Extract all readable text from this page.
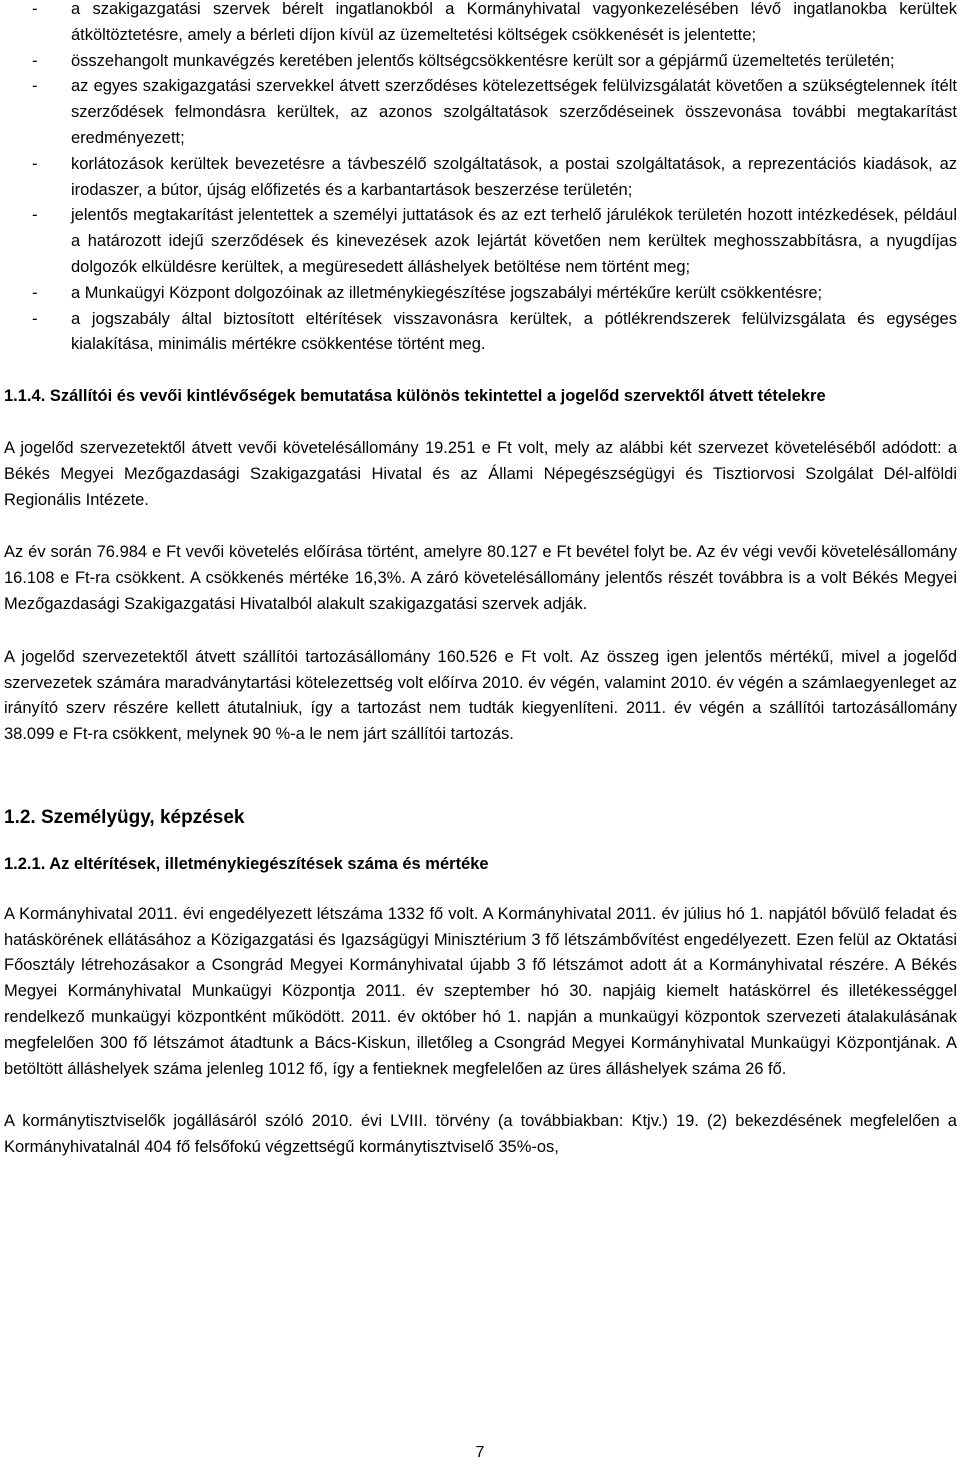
- a szakigazgatási szervek bérelt ingatlanokból a Kormányhivatal vagyonkezelésében lévő ingatlanokba kerültek átköltöztetésre, amely a bérleti díjon kívül az üzemeltetési költségek csökkenését is jelentette;
- összehangolt munkavégzés keretében jelentős költségcsökkentésre került sor a gépjármű üzemeltetés területén;
- az egyes szakigazgatási szervekkel átvett szerződéses kötelezettségek felülvizsgálatát követően a szükségtelennek ítélt szerződések felmondásra kerültek, az azonos szolgáltatások szerződéseinek összevonása további megtakarítást eredményezett;
- korlátozások kerültek bevezetésre a távbeszélő szolgáltatások, a postai szolgáltatások, a reprezentációs kiadások, az irodaszer, a bútor, újság előfizetés és a karbantartások beszerzése területén;
- jelentős megtakarítást jelentettek a személyi juttatások és az ezt terhelő járulékok területén hozott intézkedések, például a határozott idejű szerződések és kinevezések azok lejártát követően nem kerültek meghosszabbításra, a nyugdíjas dolgozók elküldésre kerültek, a megüresedett álláshelyek betöltése nem történt meg;
- a Munkaügyi Központ dolgozóinak az illetménykiegészítése jogszabályi mértékűre került csökkentésre;
- a jogszabály által biztosított eltérítések visszavonásra kerültek, a pótlékrendszerek felülvizsgálata és egységes kialakítása, minimális mértékre csökkentése történt meg.

1.1.4. Szállítói és vevői kintlévőségek bemutatása különös tekintettel a jogelőd szervektől átvett tételekre

A jogelőd szervezetektől átvett vevői követelésállomány 19.251 e Ft volt, mely az alábbi két szervezet követeléséből adódott: a Békés Megyei Mezőgazdasági Szakigazgatási Hivatal és az Állami Népegészségügyi és Tisztiorvosi Szolgálat Dél-alföldi Regionális Intézete.

Az év során 76.984 e Ft vevői követelés előírása történt, amelyre 80.127 e Ft bevétel folyt be. Az év végi vevői követelésállomány 16.108 e Ft-ra csökkent. A csökkenés mértéke 16,3%. A záró követelésállomány jelentős részét továbbra is a volt Békés Megyei Mezőgazdasági Szakigazgatási Hivatalból alakult szakigazgatási szervek adják.

A jogelőd szervezetektől átvett szállítói tartozásállomány 160.526 e Ft volt. Az összeg igen jelentős mértékű, mivel a jogelőd szervezetek számára maradványtartási kötelezettség volt előírva 2010. év végén, valamint 2010. év végén a számlaegyenleget az irányító szerv részére kellett átutalniuk, így a tartozást nem tudták kiegyenlíteni. 2011. év végén a szállítói tartozásállomány 38.099 e Ft-ra csökkent, melynek 90 %-a le nem járt szállítói tartozás.

1.2. Személyügy, képzések

1.2.1. Az eltérítések, illetménykiegészítések száma és mértéke

A Kormányhivatal 2011. évi engedélyezett létszáma 1332 fő volt. A Kormányhivatal 2011. év július hó 1. napjától bővülő feladat és hatáskörének ellátásához a Közigazgatási és Igazságügyi Minisztérium 3 fő létszámbővítést engedélyezett. Ezen felül az Oktatási Főosztály létrehozásakor a Csongrád Megyei Kormányhivatal újabb 3 fő létszámot adott át a Kormányhivatal részére. A Békés Megyei Kormányhivatal Munkaügyi Központja 2011. év szeptember hó 30. napjáig kiemelt hatáskörrel és illetékességgel rendelkező munkaügyi központként működött. 2011. év október hó 1. napján a munkaügyi központok szervezeti átalakulásának megfelelően 300 fő létszámot átadtunk a Bács-Kiskun, illetőleg a Csongrád Megyei Kormányhivatal Munkaügyi Központjának. A betöltött álláshelyek száma jelenleg 1012 fő, így a fentieknek megfelelően az üres álláshelyek száma 26 fő.

A kormánytisztviselők jogállásáról szóló 2010. évi LVIII. törvény (a továbbiakban: Ktjv.) 19. (2) bekezdésének megfelelően a Kormányhivatalnál 404 fő felsőfokú végzettségű kormánytisztviselő 35%-os,

7
